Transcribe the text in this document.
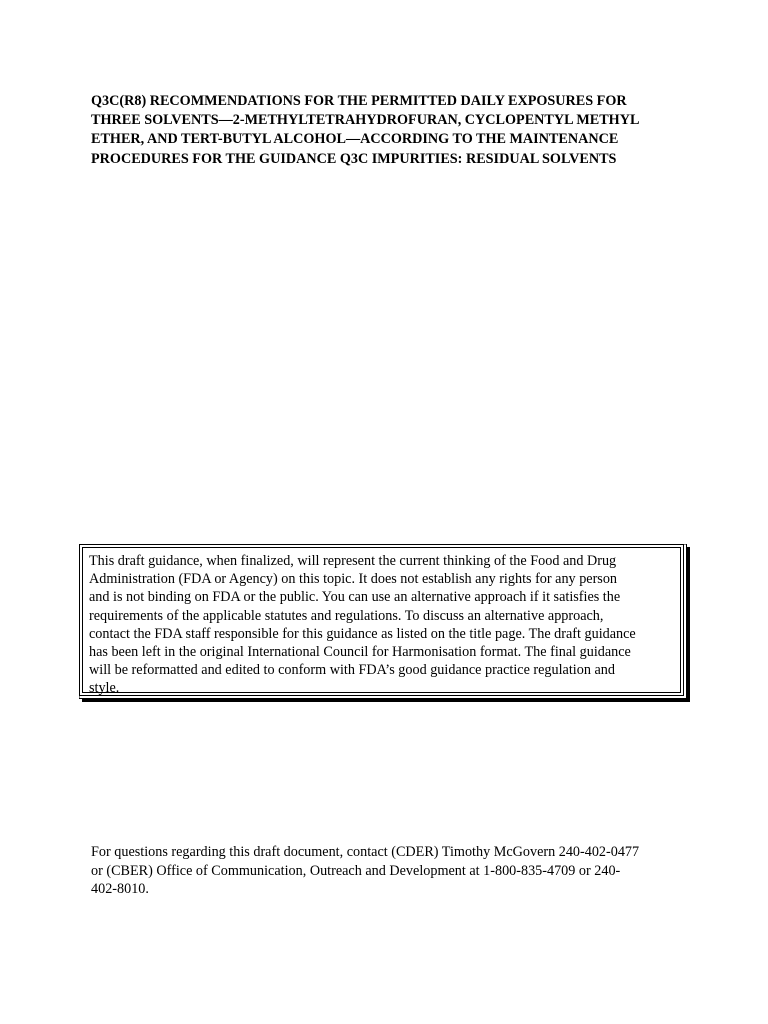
Q3C(R8) RECOMMENDATIONS FOR THE PERMITTED DAILY EXPOSURES FOR
THREE SOLVENTS—2-METHYLTETRAHYDROFURAN, CYCLOPENTYL METHYL
ETHER, AND TERT-BUTYL ALCOHOL—ACCORDING TO THE MAINTENANCE
PROCEDURES FOR THE GUIDANCE Q3C IMPURITIES: RESIDUAL SOLVENTS

This draft guidance, when finalized, will represent the current thinking of the Food and Drug
Administration (FDA or Agency) on this topic. It does not establish any rights for any person
and is not binding on FDA or the public. You can use an alternative approach if it satisfies the
requirements of the applicable statutes and regulations. To discuss an alternative approach,
contact the FDA staff responsible for this guidance as listed on the title page. The draft guidance
has been left in the original International Council for Harmonisation format. The final guidance
will be reformatted and edited to conform with FDA’s good guidance practice regulation and
style.

For questions regarding this draft document, contact (CDER) Timothy McGovern 240-402-0477
or (CBER) Office of Communication, Outreach and Development at 1-800-835-4709 or 240-
402-8010.
